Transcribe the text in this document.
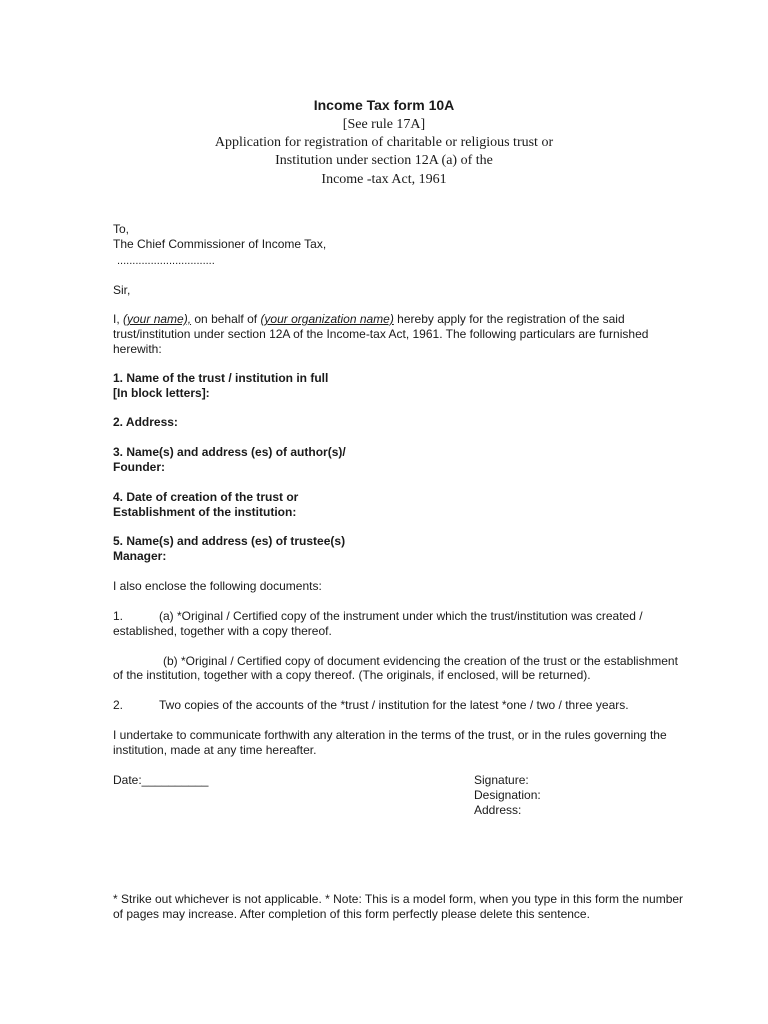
Income Tax form 10A
[See rule 17A]
Application for registration of charitable or religious trust or
Institution under section 12A (a) of the
Income -tax Act, 1961
To,
The Chief Commissioner of Income Tax,
................................
Sir,
I, (your name), on behalf of (your organization name) hereby apply for the registration of the said
trust/institution under section 12A of the Income-tax Act, 1961. The following particulars are furnished
herewith:
1. Name of the trust / institution in full
[In block letters]:
2. Address:
3. Name(s) and address (es) of author(s)/
Founder:
4. Date of creation of the trust or
Establishment of the institution:
5. Name(s) and address (es) of trustee(s)
Manager:
I also enclose the following documents:
1.	(a) *Original / Certified copy of the instrument under which the trust/institution was created /
established, together with a copy thereof.
(b) *Original / Certified copy of document evidencing the creation of the trust or the establishment
of the institution, together with a copy thereof. (The originals, if enclosed, will be returned).
2.	Two copies of the accounts of the *trust / institution for the latest *one / two / three years.
I undertake to communicate forthwith any alteration in the terms of the trust, or in the rules governing the
institution, made at any time hereafter.
Date:__________	Signature:
Designation:
Address:
* Strike out whichever is not applicable. * Note: This is a model form, when you type in this form the number
of pages may increase. After completion of this form perfectly please delete this sentence.
